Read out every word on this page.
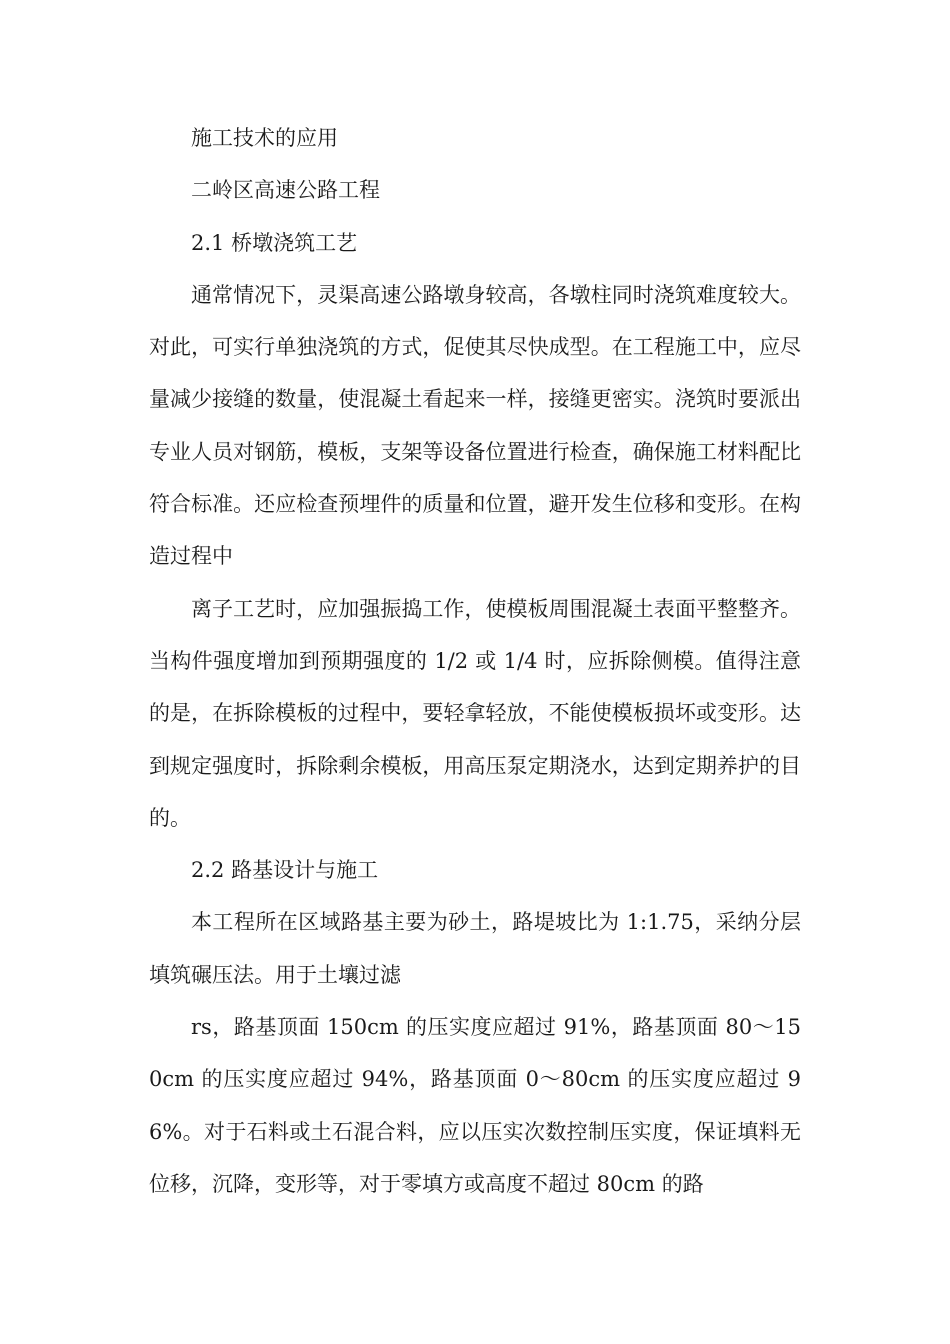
施工技术的应用

二岭区高速公路工程

2.1 桥墩浇筑工艺

通常情况下，灵渠高速公路墩身较高，各墩柱同时浇筑难度较大。对此，可实行单独浇筑的方式，促使其尽快成型。在工程施工中，应尽量减少接缝的数量，使混凝土看起来一样，接缝更密实。浇筑时要派出专业人员对钢筋，模板，支架等设备位置进行检查，确保施工材料配比符合标准。还应检查预埋件的质量和位置，避开发生位移和变形。在构造过程中

离子工艺时，应加强振捣工作，使模板周围混凝土表面平整整齐。当构件强度增加到预期强度的 1/2 或 1/4 时，应拆除侧模。值得注意的是，在拆除模板的过程中，要轻拿轻放，不能使模板损坏或变形。达到规定强度时，拆除剩余模板，用高压泵定期浇水，达到定期养护的目的。

2.2 路基设计与施工

本工程所在区域路基主要为砂土，路堤坡比为 1:1.75，采纳分层填筑碾压法。用于土壤过滤

rs，路基顶面 150cm 的压实度应超过 91%，路基顶面 80～150cm 的压实度应超过 94%，路基顶面 0～80cm 的压实度应超过 96%。对于石料或土石混合料，应以压实次数控制压实度，保证填料无位移，沉降，变形等，对于零填方或高度不超过 80cm 的路
